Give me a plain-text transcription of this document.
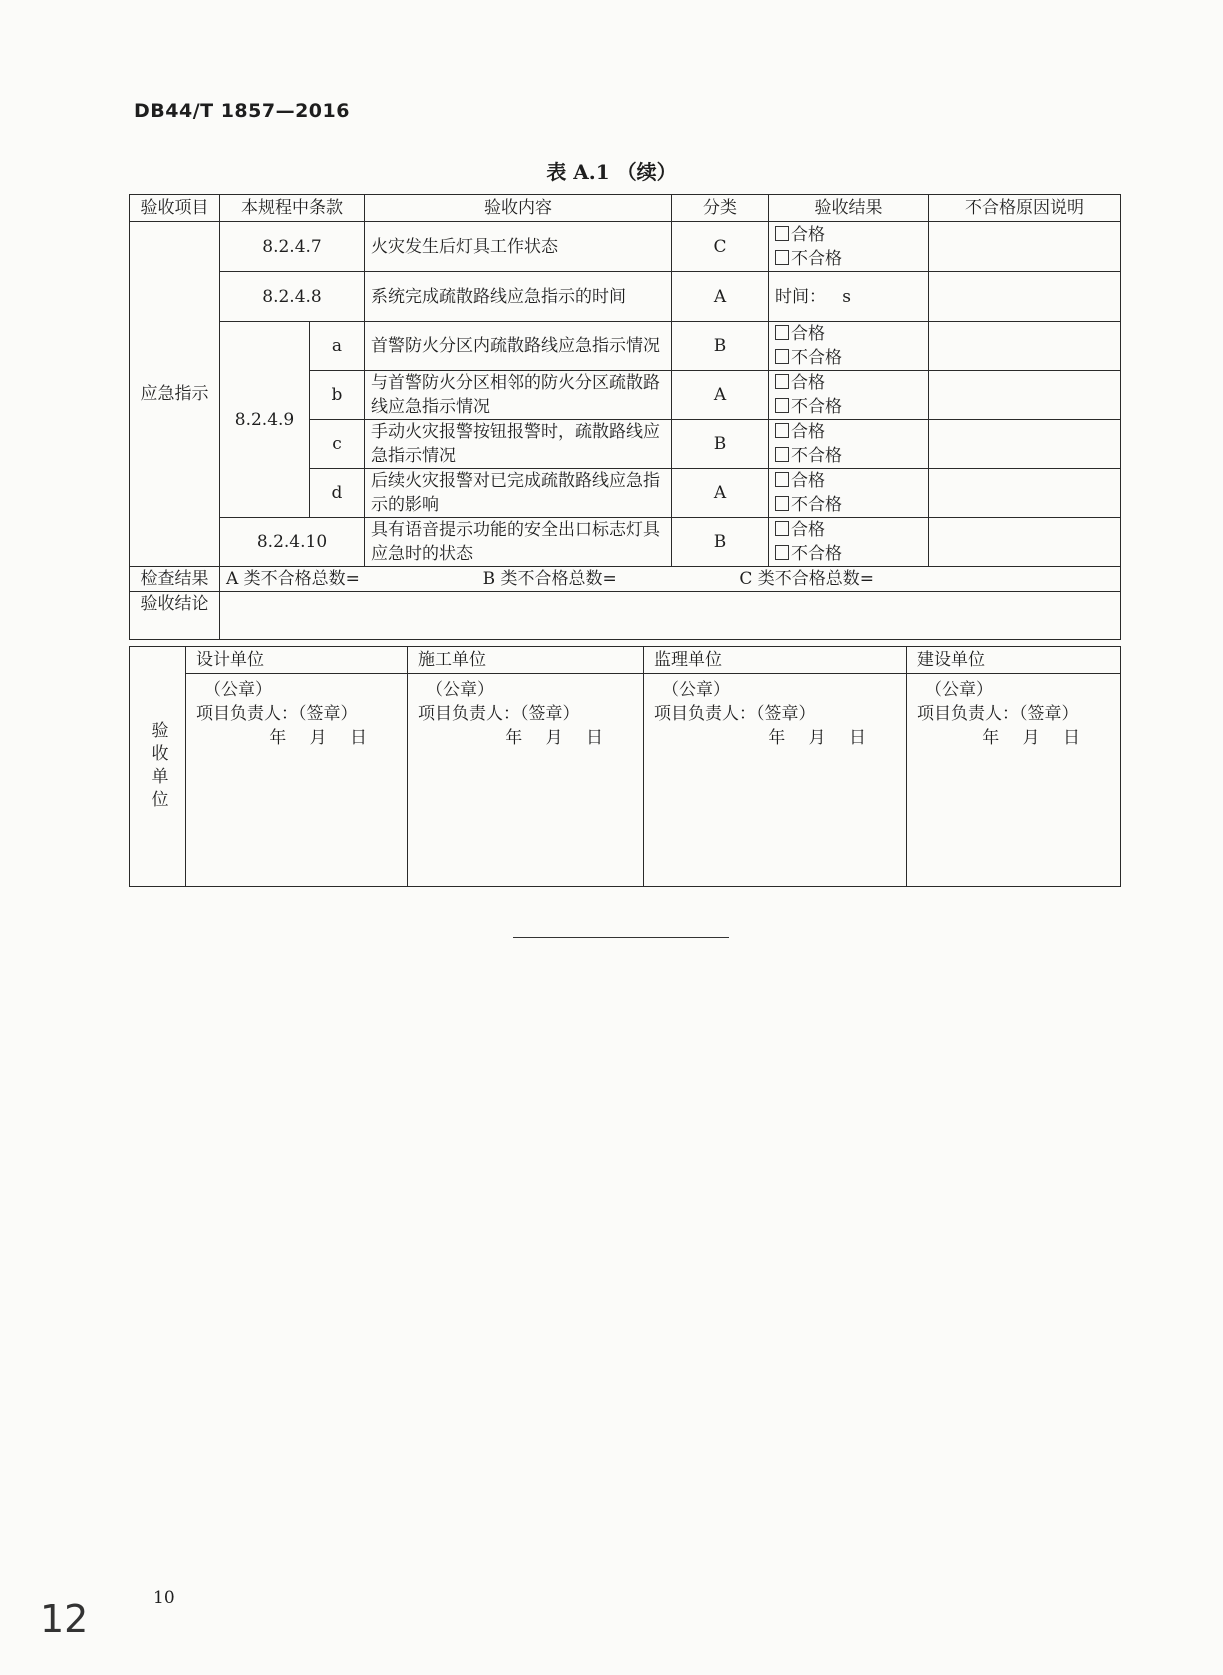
DB44/T 1857—2016
表 A.1 （续）
验收项目	本规程中条款		验收内容	分类	验收结果	不合格原因说明
应急指示	8.2.4.7		火灾发生后灯具工作状态	C	合格
不合格	

	8.2.4.8		系统完成疏散路线应急指示的时间	A	时间：   s	
	8.2.4.9	a	首警防火分区内疏散路线应急指示情况	B	合格
不合格	

		b	与首警防火分区相邻的防火分区疏散路线应急指示情况	A	合格
不合格	

		c	手动火灾报警按钮报警时，疏散路线应急指示情况	B	合格
不合格	

		d	后续火灾报警对已完成疏散路线应急指示的影响	A	合格
不合格	

	8.2.4.10		具有语音提示功能的安全出口标志灯具应急时的状态	B	合格
不合格	

检查结果	A 类不合格总数= B 类不合格总数= C 类不合格总数=					

验收结论						
验收单位

设计单位
（公章）
项目负责人：（签章）
年 月 日

施工单位
（公章）
项目负责人：（签章）
年 月 日

监理单位
（公章）
项目负责人：（签章）
年 月 日

建设单位
（公章）
项目负责人：（签章）
年 月 日
10
12
